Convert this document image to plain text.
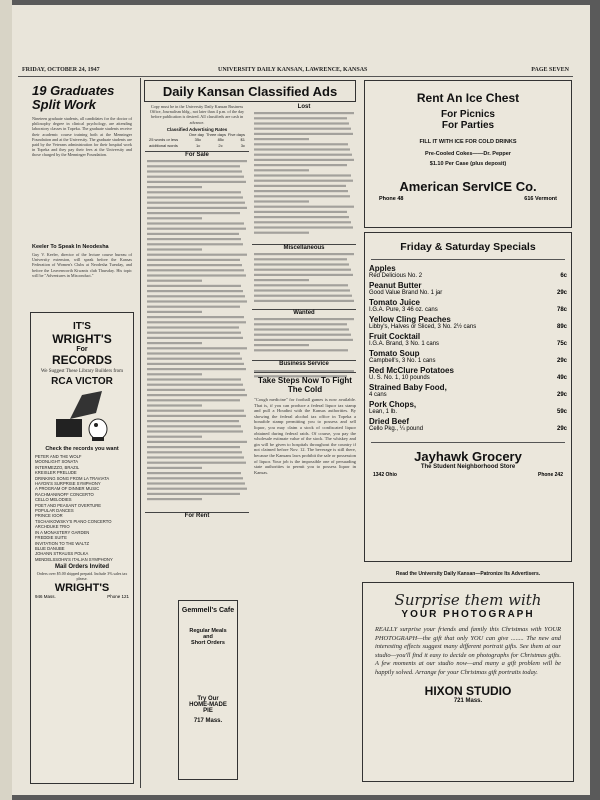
FRIDAY, OCTOBER 24, 1947	UNIVERSITY DAILY KANSAN, LAWRENCE, KANSAS	PAGE SEVEN
19 Graduates Split Work
Nineteen graduate students, all candidates for the doctor of philosophy degree in clinical psychology, are attending laboratory classes in Topeka. The graduate students receive their academic course training both at the Menninger Foundation and at the University. The graduate students are paid by the Veterans administration for their hospital work in Topeka and they pay their fees at the University and those charged by the Menninger Foundation.
Keeler To Speak In Neodesha
Guy V. Keeler, director of the lecture course bureau of University extension, will speak before the Kansas Federation of Women's Clubs at Neodesha Tuesday, and before the Leavenworth Kiwanis club Thursday. His topic will be "Adventures in Misconduct."
IT'S
WRIGHT'S
For
RECORDS
We Suggest These Library Builders from
RCA VICTOR
Check the records you want
PETER AND THE WOLF
MOONLIGHT SONATA
INTERMEZZO, BRAZIL
KREISLER PRELUDE
DRINKING SONG FROM LA TRAVIATA
HAYDN'S SURPRISE SYMPHONY
A PROGRAM OF DINNER MUSIC
RACHMANINOFF CONCERTO
CELLO MELODIES
POET AND PEASANT OVERTURE
POPULAR DANCES
PRINCE IGOR
TSCHAIKOWSKY'S PIANO CONCERTO
ARCHDUKE TRIO
IN A MONASTERY GARDEN
FREDDIE SUITE
INVITATION TO THE WALTZ
BLUE DANUBE
JOHANN STRAUSS POLKA
MENDELSSOHN'S ITALIAN SYMPHONY
Mail Orders Invited
Orders over $5.00 shipped prepaid. Include 3% sales tax please.
WRIGHT'S
946 Mass.	Phone 121
Daily Kansan Classified Ads
Copy must be in the University Daily Kansan Business Office, Journalism bldg., not later than 4 p.m. of the day before publication is desired. All classifieds are cash in advance.
Classified Advertising Rates
One day Three days Five days
25 words or less	35c	85c	$1
additional words	1c	2c	3c
For Sale
For Rent
Gemmell's Cafe
Regular Meals
and
Short Orders
Try Our
HOME-MADE
PIE
717 Mass.
Lost
Miscellaneous
Wanted
Business Service
Take Steps Now To Fight The Cold
"Cough medicine" for football games is now available. That is, if you can produce a federal liquor tax stamp and pull a Houdini with the Kansas authorities. By showing the federal alcohol tax office in Topeka a bonafide stamp permitting you to possess and sell liquor, you may claim a stock of confiscated liquor obtained during federal raids. Of course, you pay the wholesale estimate value of the stock. The whiskey and gin will be given to hospitals throughout the country if not claimed before Nov. 12. The beverage is still there, because the Kansans laws prohibit the sale or possession of liquor. Your job is the impossible one of persuading state authorities to permit you to possess liquor in Kansas.
Rent An Ice Chest
For Picnics
For Parties
FILL IT WITH ICE FOR COLD DRINKS
Pre-Cooled Cokes——Dr. Pepper
$1.10 Per Case (plus deposit)
American ServICE Co.
Phone 48	616 Vermont
Friday & Saturday Specials
Apples
Red Delicious No. 2	6c
Peanut Butter
Good Value Brand No. 1 jar	29c
Tomato Juice
I.G.A. Pure, 3 46 oz. cans	78c
Yellow Cling Peaches
Libby's, Halves or Sliced, 3 No. 2½ cans	89c
Fruit Cocktail
I.G.A. Brand, 3 No. 1 cans	75c
Tomato Soup
Campbell's, 3 No. 1 cans	29c
Red McClure Potatoes
U. S. No. 1, 10 pounds	49c
Strained Baby Food,
4 cans	29c
Pork Chops,
Lean, 1 lb.	59c
Dried Beef
Cello Pkg., ¼ pound	29c
Jayhawk Grocery
The Student Neighborhood Store
1342 Ohio	Phone 242
Read the University Daily Kansan—Patronize Its Advertisers.
Surprise them with
YOUR PHOTOGRAPH
REALLY surprise your friends and family this Christmas with YOUR PHOTOGRAPH—the gift that only YOU can give ........ The new and interesting effects suggest many different portrait gifts. See them at our studio—you'll find it easy to decide on photographs for Christmas gifts. A few moments at our studio now—and many a gift problem will be happily solved. Arrange for your Christmas gift portraits today.
HIXON STUDIO
721 Mass.
